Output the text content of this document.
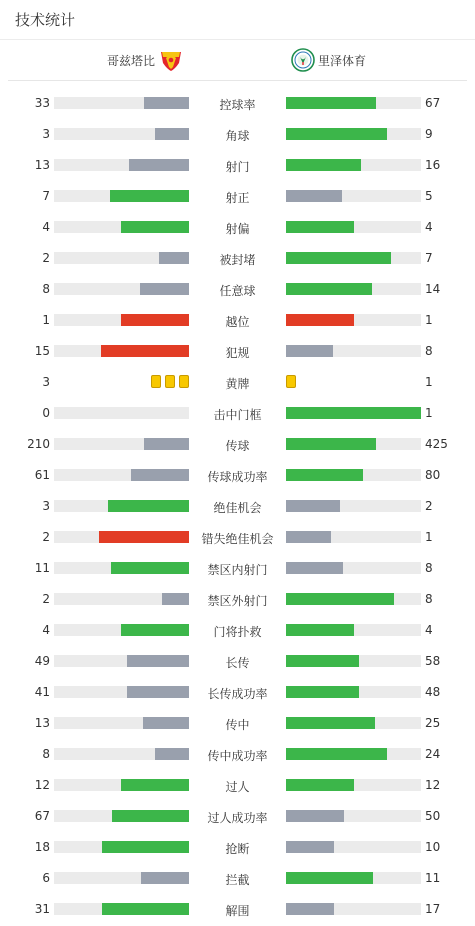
技术统计
哥兹塔比	里泽体育
33	控球率	67
3	角球	9
13	射门	16
7	射正	5
4	射偏	4
2	被封堵	7
8	任意球	14
1	越位	1
15	犯规	8
3	黄牌	1
0	击中门框	1
210	传球	425
61	传球成功率	80
3	绝佳机会	2
2	错失绝佳机会	1
11	禁区内射门	8
2	禁区外射门	8
4	门将扑救	4
49	长传	58
41	长传成功率	48
13	传中	25
8	传中成功率	24
12	过人	12
67	过人成功率	50
18	抢断	10
6	拦截	11
31	解围	17
